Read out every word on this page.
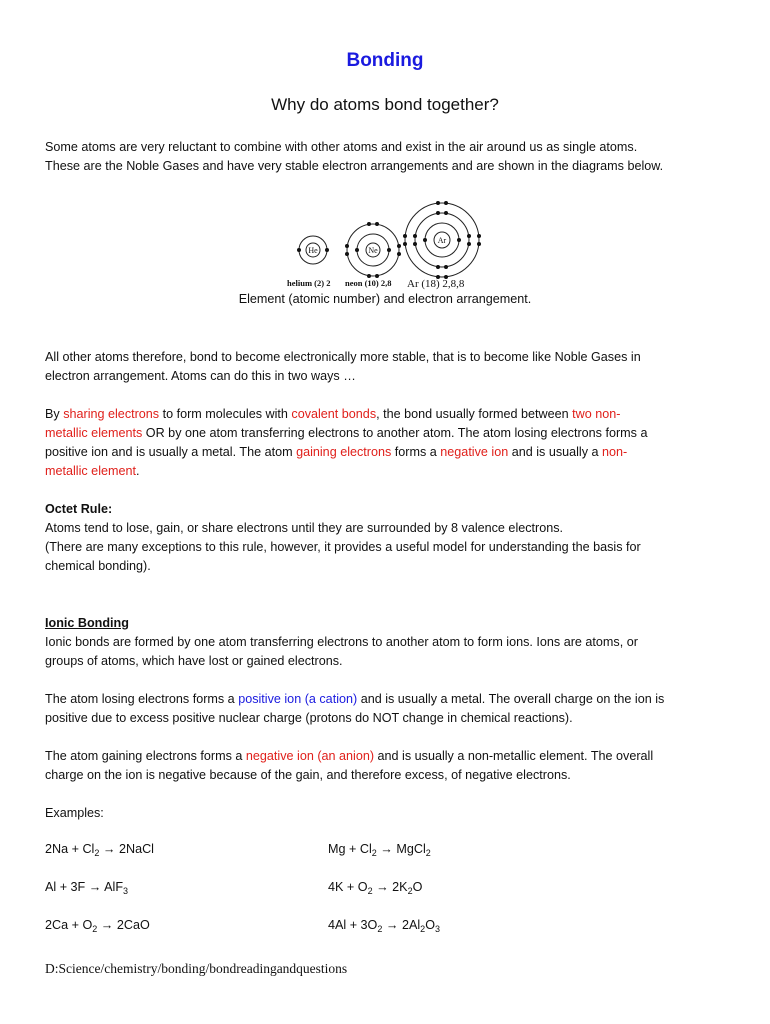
Bonding
Why do atoms bond together?
Some atoms are very reluctant to combine with other atoms and exist in the air around us as single atoms.
These are the Noble Gases and have very stable electron arrangements and are shown in the diagrams below.
He	Ne
Ar
helium (2) 2 neon (10) 2,8 Ar (18) 2,8,8
Element (atomic number) and electron arrangement.
All other atoms therefore, bond to become electronically more stable, that is to become like Noble Gases in
electron arrangement. Atoms can do this in two ways …
By sharing electrons to form molecules with covalent bonds, the bond usually formed between two non-
metallic elements OR by one atom transferring electrons to another atom. The atom losing electrons forms a
positive ion and is usually a metal. The atom gaining electrons forms a negative ion and is usually a non-
metallic element.
Octet Rule:
Atoms tend to lose, gain, or share electrons until they are surrounded by 8 valence electrons.
(There are many exceptions to this rule, however, it provides a useful model for understanding the basis for
chemical bonding).
Ionic Bonding
Ionic bonds are formed by one atom transferring electrons to another atom to form ions. Ions are atoms, or
groups of atoms, which have lost or gained electrons.
The atom losing electrons forms a positive ion (a cation) and is usually a metal. The overall charge on the ion is
positive due to excess positive nuclear charge (protons do NOT change in chemical reactions).
The atom gaining electrons forms a negative ion (an anion) and is usually a non-metallic element. The overall
charge on the ion is negative because of the gain, and therefore excess, of negative electrons.
Examples:
$2Na + Cl_2$ → 2NaCl	$Mg + Cl_2$ → MgCl$_2$
Al + 3F → AlF$_3$	$4K + O_2 \to 2K_2O$
$2Ca + O_2 \to 2CaO$	$4Al + 3O_2 \to 2Al_2O_3$
D:Science/chemistry/bonding/bondreadingandquestions
